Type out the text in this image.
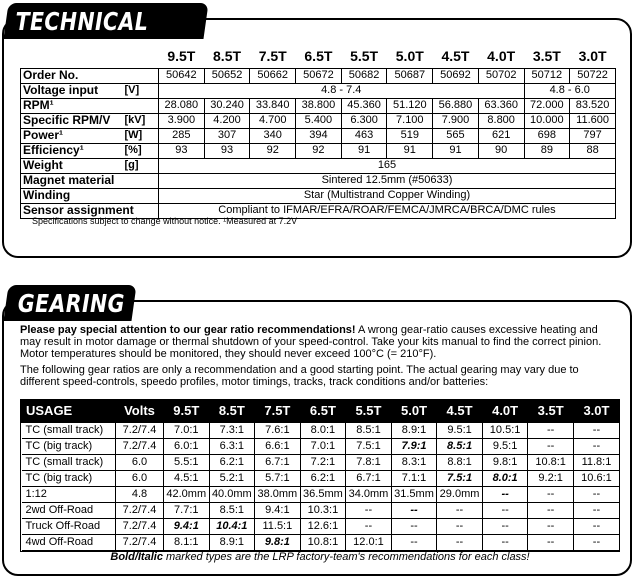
TECHNICAL DATA
			9.5T	8.5T	7.5T	6.5T	5.5T	5.0T	4.5T	4.0T	3.5T	3.0T
Order No.		50642	50652	50662	50672	50682	50687	50692	50702	50712	50722
Voltage input	[V]	4.8 - 7.4								4.8 - 6.0	
RPM¹		28.080	30.240	33.840	38.800	45.360	51.120	56.880	63.360	72.000	83.520
Specific RPM/V	[kV]	3.900	4.200	4.700	5.400	6.300	7.100	7.900	8.800	10.000	11.600
Power¹	[W]	285	307	340	394	463	519	565	621	698	797
Efficiency¹	[%]	93	93	92	92	91	91	91	90	89	88
Weight	[g]	165									
Magnet material		Sintered 12.5mm (#50633)									
Winding		Star (Multistrand Copper Winding)									
Sensor assignment		Compliant to IFMAR/EFRA/ROAR/FEMCA/JMRCA/BRCA/DMC rules									
Specifications subject to change without notice. ¹Measured at 7.2V
GEARING

Please pay special attention to our gear ratio recommendations! A wrong gear-ratio causes excessive heating and may result in motor damage or thermal shutdown of your speed-control. Take your kits manual to find the correct pinion. Motor temperatures should be monitored, they should never exceed 100°C (= 210°F).

The following gear ratios are only a recommendation and a good starting point. The actual gearing may vary due to different speed-controls, speedo profiles, motor timings, tracks, track conditions and/or batteries:

USAGE	Volts	9.5T	8.5T	7.5T	6.5T	5.5T	5.0T	4.5T	4.0T	3.5T	3.0T
TC (small track)	7.2/7.4	7.0:1	7.3:1	7.6:1	8.0:1	8.5:1	8.9:1	9.5:1	10.5:1	--	--
TC (big track)	7.2/7.4	6.0:1	6.3:1	6.6:1	7.0:1	7.5:1	7.9:1	8.5:1	9.5:1	--	--
TC (small track)	6.0	5.5:1	6.2:1	6.7:1	7.2:1	7.8:1	8.3:1	8.8:1	9.8:1	10.8:1	11.8:1
TC (big track)	6.0	4.5:1	5.2:1	5.7:1	6.2:1	6.7:1	7.1:1	7.5:1	8.0:1	9.2:1	10.6:1
1:12	4.8	42.0mm	40.0mm	38.0mm	36.5mm	34.0mm	31.5mm	29.0mm	--	--	--
2wd Off-Road	7.2/7.4	7.7:1	8.5:1	9.4:1	10.3:1	--	--	--	--	--	--
Truck Off-Road	7.2/7.4	9.4:1	10.4:1	11.5:1	12.6:1	--	--	--	--	--	--
4wd Off-Road	7.2/7.4	8.1:1	8.9:1	9.8:1	10.8:1	12.0:1	--	--	--	--	--
Bold/Italic marked types are the LRP factory-team's recommendations for each class!
